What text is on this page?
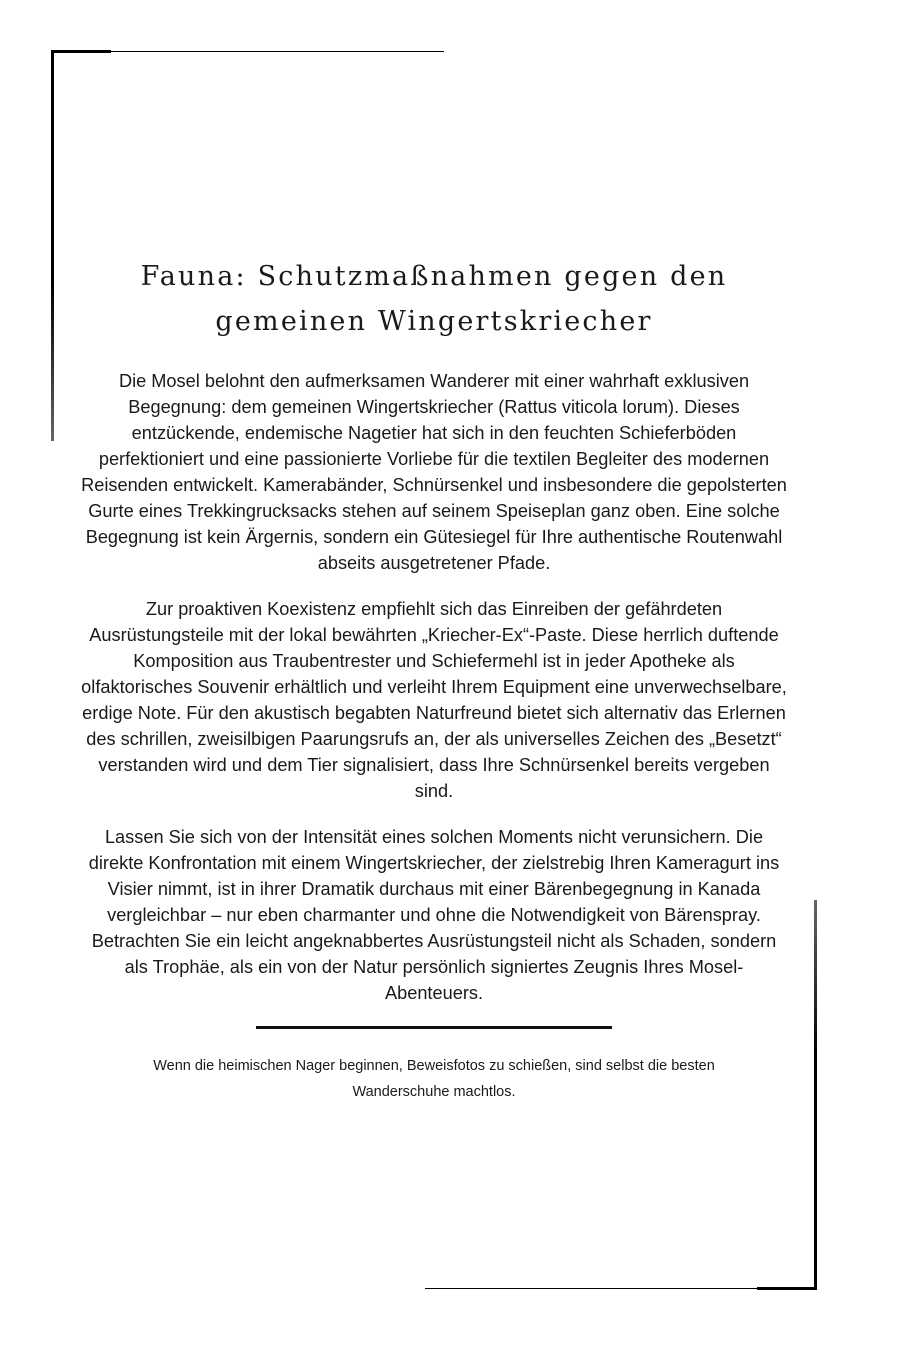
Fauna: Schutzmaßnahmen gegen den gemeinen Wingertskriecher

Die Mosel belohnt den aufmerksamen Wanderer mit einer wahrhaft exklusiven Begegnung: dem gemeinen Wingertskriecher (Rattus viticola lorum). Dieses entzückende, endemische Nagetier hat sich in den feuchten Schieferböden perfektioniert und eine passionierte Vorliebe für die textilen Begleiter des modernen Reisenden entwickelt. Kamerabänder, Schnürsenkel und insbesondere die gepolsterten Gurte eines Trekkingrucksacks stehen auf seinem Speiseplan ganz oben. Eine solche Begegnung ist kein Ärgernis, sondern ein Gütesiegel für Ihre authentische Routenwahl abseits ausgetretener Pfade.

Zur proaktiven Koexistenz empfiehlt sich das Einreiben der gefährdeten Ausrüstungsteile mit der lokal bewährten „Kriecher-Ex“-Paste. Diese herrlich duftende Komposition aus Traubentrester und Schiefermehl ist in jeder Apotheke als olfaktorisches Souvenir erhältlich und verleiht Ihrem Equipment eine unverwechselbare, erdige Note. Für den akustisch begabten Naturfreund bietet sich alternativ das Erlernen des schrillen, zweisilbigen Paarungsrufs an, der als universelles Zeichen des „Besetzt“ verstanden wird und dem Tier signalisiert, dass Ihre Schnürsenkel bereits vergeben sind.

Lassen Sie sich von der Intensität eines solchen Moments nicht verunsichern. Die direkte Konfrontation mit einem Wingertskriecher, der zielstrebig Ihren Kameragurt ins Visier nimmt, ist in ihrer Dramatik durchaus mit einer Bärenbegegnung in Kanada vergleichbar – nur eben charmanter und ohne die Notwendigkeit von Bärenspray. Betrachten Sie ein leicht angeknabbertes Ausrüstungsteil nicht als Schaden, sondern als Trophäe, als ein von der Natur persönlich signiertes Zeugnis Ihres Mosel-Abenteuers.

Wenn die heimischen Nager beginnen, Beweisfotos zu schießen, sind selbst die besten Wanderschuhe machtlos.
